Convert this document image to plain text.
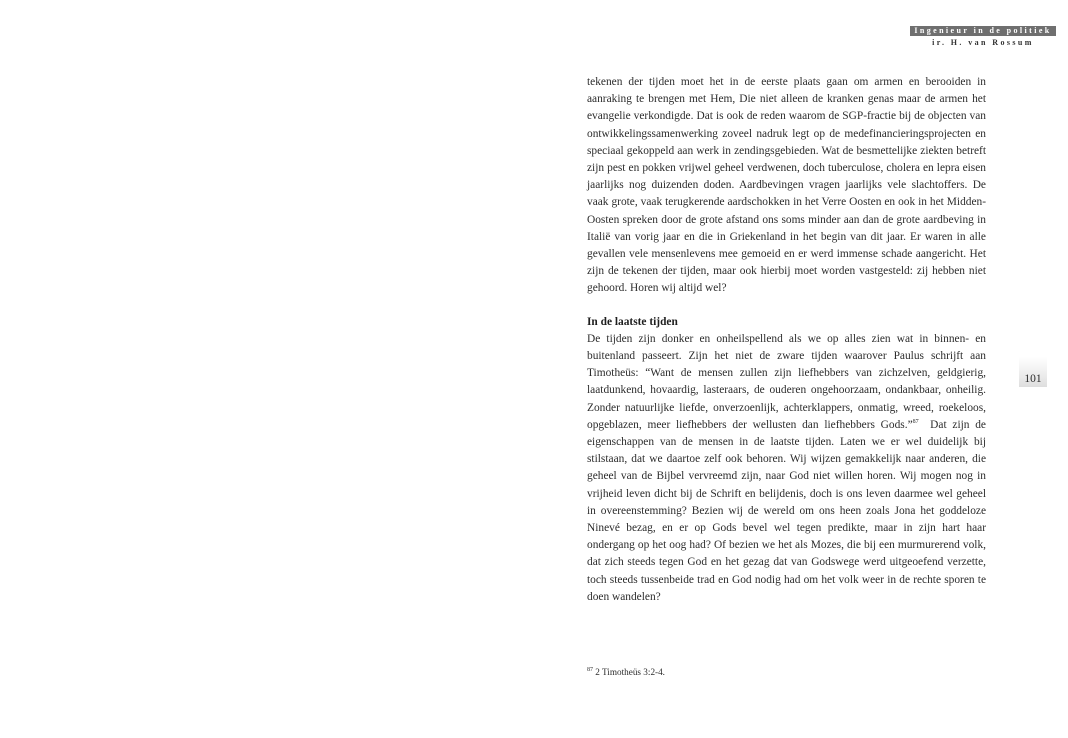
Ingenieur in de politiek
ir. H. van Rossum

tekenen der tijden moet het in de eerste plaats gaan om armen en berooiden in aanraking te brengen met Hem, Die niet alleen de kranken genas maar de armen het evangelie verkondigde. Dat is ook de reden waarom de SGP-fractie bij de objecten van ontwikkelingssamenwerking zoveel nadruk legt op de medefinancieringsprojecten en speciaal gekoppeld aan werk in zendingsgebieden. Wat de besmettelijke ziekten betreft zijn pest en pokken vrijwel geheel verdwenen, doch tuberculose, cholera en lepra eisen jaarlijks nog duizenden doden. Aardbevingen vragen jaarlijks vele slachtoffers. De vaak grote, vaak terugkerende aardschokken in het Verre Oosten en ook in het Midden-Oosten spreken door de grote afstand ons soms minder aan dan de grote aardbeving in Italië van vorig jaar en die in Griekenland in het begin van dit jaar. Er waren in alle gevallen vele mensenlevens mee gemoeid en er werd immense schade aangericht. Het zijn de tekenen der tijden, maar ook hierbij moet worden vastgesteld: zij hebben niet gehoord. Horen wij altijd wel?

In de laatste tijden

De tijden zijn donker en onheilspellend als we op alles zien wat in binnen- en buitenland passeert. Zijn het niet de zware tijden waarover Paulus schrijft aan Timotheüs: “Want de mensen zullen zijn liefhebbers van zichzelven, geldgierig, laatdunkend, hovaardig, lasteraars, de ouderen ongehoorzaam, ondankbaar, onheilig. Zonder natuurlijke liefde, onverzoenlijk, achterklappers, onmatig, wreed, roekeloos, opgeblazen, meer liefhebbers der wellusten dan liefhebbers Gods.”$^{87}$ Dat zijn de eigenschappen van de mensen in de laatste tijden. Laten we er wel duidelijk bij stilstaan, dat we daartoe zelf ook behoren. Wij wijzen gemakkelijk naar anderen, die geheel van de Bijbel vervreemd zijn, naar God niet willen horen. Wij mogen nog in vrijheid leven dicht bij de Schrift en belijdenis, doch is ons leven daarmee wel geheel in overeenstemming? Bezien wij de wereld om ons heen zoals Jona het goddeloze Ninevé bezag, en er op Gods bevel wel tegen predikte, maar in zijn hart haar ondergang op het oog had? Of bezien we het als Mozes, die bij een murmurerend volk, dat zich steeds tegen God en het gezag dat van Godswege werd uitgeoefend verzette, toch steeds tussenbeide trad en God nodig had om het volk weer in de rechte sporen te doen wandelen?

$^{87}$ 2 Timotheüs 3:2-4.
101
